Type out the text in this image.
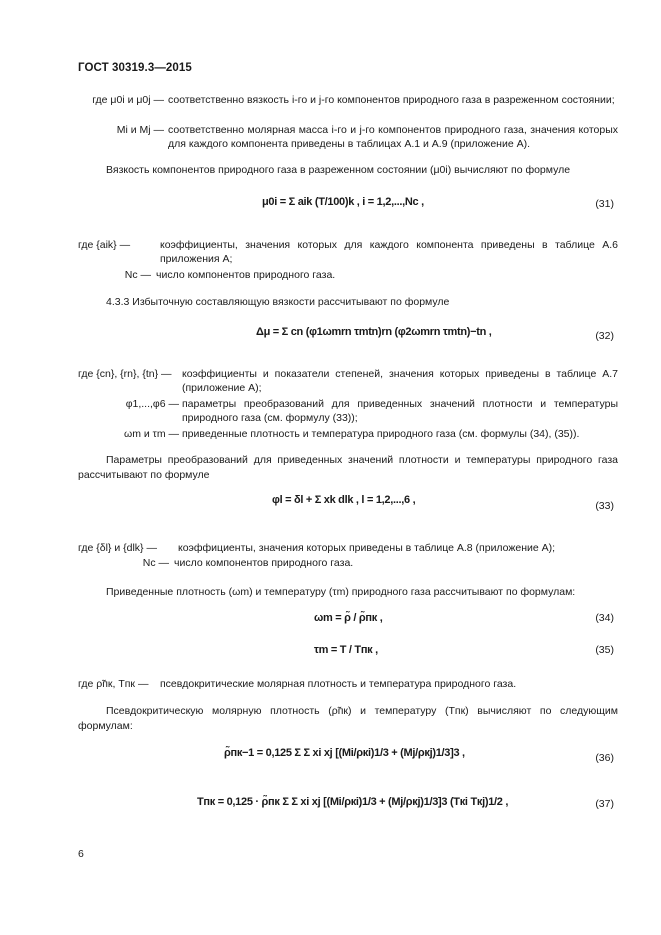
ГОСТ 30319.3—2015
где μ0i и μ0j — соответственно вязкость i-го и j-го компонентов природного газа в разреженном состоянии;
Mi и Mj — соответственно молярная масса i-го и j-го компонентов природного газа, значения которых для каждого компонента приведены в таблицах А.1 и А.9 (приложение А).
Вязкость компонентов природного газа в разреженном состоянии (μ0i) вычисляют по формуле
μ0i = Σ aik (T/100)k , i = 1,2,...,Nc ,	(31)
где {aik} —	коэффициенты, значения которых для каждого компонента приведены в таблице А.6 приложения А;
Nc — число компонентов природного газа.
4.3.3 Избыточную составляющую вязкости рассчитывают по формуле
Δμ = Σ cn (φ1ωmrn τmtn)rn (φ2ωmrn τmtn)−tn ,	(32)
где {cn}, {rn}, {tn} — коэффициенты и показатели степеней, значения которых приведены в таблице А.7 (приложение А);
φ1,...,φ6 — параметры преобразований для приведенных значений плотности и температуры природного газа (см. формулу (33));
ωm и τm — приведенные плотность и температура природного газа (см. формулы (34), (35)).
Параметры преобразований для приведенных значений плотности и температуры природного газа рассчитывают по формуле
φl = δl + Σ xk dlk , l = 1,2,...,6 ,	(33)
где {δl} и {dlk} —	коэффициенты, значения которых приведены в таблице А.8 (приложение А);
Nc — число компонентов природного газа.
Приведенные плотность (ωm) и температуру (τm) природного газа рассчитывают по формулам:
ωm = ρ̃ / ρ̃пк ,	(34)
τm = T / Tпк ,	(35)
где ρ̃пк, Tпк —	псевдокритические молярная плотность и температура природного газа.
Псевдокритическую молярную плотность (ρ̃пк) и температуру (Tпк) вычисляют по следующим формулам:
ρ̃пк−1 = 0,125 Σ Σ xi xj [(Mi/ρкi)1/3 + (Mj/ρкj)1/3]3 ,	(36)
Tпк = 0,125 · ρ̃пк Σ Σ xi xj [(Mi/ρкi)1/3 + (Mj/ρкj)1/3]3 (Tкi Tкj)1/2 ,	(37)
6
